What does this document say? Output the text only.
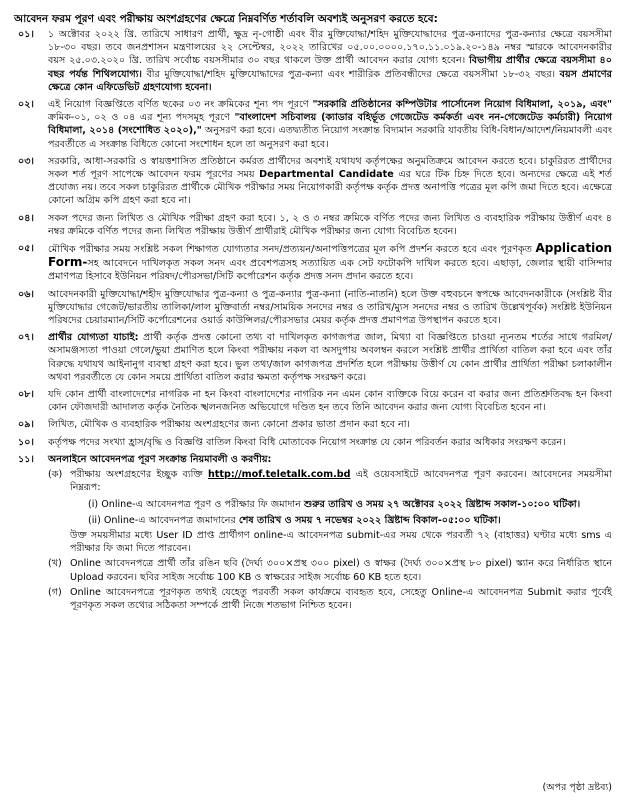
আবেদন ফরম পূরণ এবং পরীক্ষায় অংশগ্রহণের ক্ষেত্রে নিম্নবর্ণিত শর্তাবলি অবশ্যই অনুসরণ করতে হবে:
০১।	১ অক্টোবর ২০২২ খ্রি. তারিখে সাধারণ প্রার্থী, ক্ষুদ্র নৃ-গোষ্ঠী এবং বীর মুক্তিযোদ্ধা/শহিদ মুক্তিযোদ্ধাদের পুত্র-কন্যাদের পুত্র-কন্যার ক্ষেত্রে বয়সসীমা ১৮-৩০ বছর। তবে জনপ্রশাসন মন্ত্রণালয়ের ২২ সেপ্টেম্বর, ২০২২ তারিখের ০৫.০০.০০০০.১৭০.১১.০১৯.২০-১৪৯ নম্বর স্মারকে আবেদনকারীর বয়স ২৫.০৩.২০২০ খ্রি. তারিখ সর্বোচ্চ বয়সসীমার ৩০ বছর থাকলে উক্ত প্রার্থী আবেদন করার যোগ্য হবেন। বিভাগীয় প্রার্থীর ক্ষেত্রে বয়সসীমা ৪০ বছর পর্যন্ত শিথিলযোগ্য। বীর মুক্তিযোদ্ধা/শহিদ মুক্তিযোদ্ধাদের পুত্র-কন্যা এবং শারীরিক প্রতিবন্ধীদের ক্ষেত্রে বয়সসীমা ১৮-৩২ বছর। বয়স প্রমাণের ক্ষেত্রে কোন এফিডেভিট গ্রহণযোগ্য হবেনা।
০২।	এই নিয়োগ বিজ্ঞপ্তিতে বর্ণিত ছকের ০৩ নং ক্রমিকের শূন্য পদ পূরণে "সরকারি প্রতিষ্ঠানের কম্পিউটার পার্সোনেল নিয়োগ বিধিমালা, ২০১৯, এবং" ক্রমিক-০১, ০২ ও ০৪ এর শূন্য পদসমূহ পূরণে "বাংলাদেশ সচিবালয় (ক্যাডার বহির্ভূত গেজেটেড কর্মকর্তা এবং নন-গেজেটেড কর্মচারী) নিয়োগ বিধিমালা, ২০১৪ (সংশোধিত ২০২০)," অনুসরণ করা হবে। এতদ্ব্যতীত নিয়োগ সংক্রান্ত বিদ্যমান সরকারি যাবতীয় বিধি-বিধান/আদেশ/নিয়মাবলী এবং পরবর্তীতে এ সংক্রান্ত বিধিতে কোনো সংশোধন হলে তা অনুসরণ করা হবে।
০৩।	সরকারি, আধা-সরকারি ও স্বায়ত্তশাসিত প্রতিষ্ঠানে কর্মরত প্রার্থীদের অবশ্যই যথাযথ কর্তৃপক্ষের অনুমতিক্রমে আবেদন করতে হবে। চাকুরিরত প্রার্থীদের সকল শর্ত পূরণ সাপেক্ষে আবেদন ফরম পূরণের সময় Departmental Candidate এর ঘরে টিক চিহ্ন দিতে হবে। অন্যদের ক্ষেত্রে এই শর্ত প্রযোজ্য নয়। তবে সকল চাকুরিরত প্রার্থীকে মৌখিক পরীক্ষার সময় নিয়োগকারী কর্তৃপক্ষ কর্তৃক প্রদত্ত অনাপত্তি পত্রের মূল কপি জমা দিতে হবে। এক্ষেত্রে কোনো অগ্রিম কপি গ্রহণ করা হবে না।
০৪।	সকল পদের জন্য লিখিত ও মৌখিক পরীক্ষা গ্রহণ করা হবে। ১, ২ ও ৩ নম্বর ক্রমিকে বর্ণিত পদের জন্য লিখিত ও ব্যবহারিক পরীক্ষায় উত্তীর্ণ এবং ৪ নম্বর ক্রমিকে বর্ণিত পদের জন্য লিখিত পরীক্ষায় উত্তীর্ণ প্রার্থীরাই মৌখিক পরীক্ষার জন্য যোগ্য বিবেচিত হবেন।
০৫।	মৌখিক পরীক্ষার সময় সংশ্লিষ্ট সকল শিক্ষাগত যোগ্যতার সনদ/প্রত্যয়ন/অনাপত্তিপত্রের মূল কপি প্রদর্শন করতে হবে এবং পূরণকৃত Application Form-সহ আবেদনে দাখিলকৃত সকল সনদ এবং প্রবেশপত্রসহ সত্যায়িত এক সেট ফটোকপি দাখিল করতে হবে। এছাড়া, জেলার স্থায়ী বাসিন্দার প্রমাণপত্র হিসাবে ইউনিয়ন পরিষদ/পৌরসভা/সিটি কর্পোরেশন কর্তৃক প্রদত্ত সনদ প্রদান করতে হবে।
০৬।	আবেদনকারী মুক্তিযোদ্ধা/শহীদ মুক্তিযোদ্ধার পুত্র-কন্যা ও পুত্র-কন্যার পুত্র-কন্যা (নাতি-নাতনি) হলে উক্ত বহুবচনে স্বপক্ষে আবেদনকারীকে (সংশ্লিষ্ট বীর মুক্তিযোদ্ধার গেজেট/ভারতীয় তালিকা/লাল মুক্তিবার্তা নম্বর/সাময়িক সনদের নম্বর ও তারিখ/ম্যুস সনদের নম্বর ও তারিখ উল্লেখপূর্বক) সংশ্লিষ্ট ইউনিয়ন পরিষদের চেয়ারম্যান/সিটি কর্পোরেশনের ওয়ার্ড কাউন্সিলর/পৌরসভার মেয়র কর্তৃক প্রদত্ত প্রমাণপত্র উপস্থাপন করতে হবে।
০৭।	প্রার্থীর যোগ্যতা যাচাই: প্রার্থী কর্তৃক প্রদত্ত কোনো তথ্য বা দাখিলকৃত কাগজপত্র জাল, মিথ্যা বা বিজ্ঞপ্তিতে চাওয়া ন্যূনতম শর্তের সাথে গরমিল/অসামঞ্জস্যতা পাওয়া গেলে/ভুয়া প্রমাণিত হলে কিংবা পরীক্ষায় নকল বা অসদুপায় অবলম্বন করলে সংশ্লিষ্ট প্রার্থীর প্রার্থিতা বাতিল করা হবে এবং তাঁর বিরুদ্ধে যথাযথ আইনানুগ ব্যবস্থা গ্রহণ করা হবে। ভুল তথ্য/জাল কাগজপত্র প্রদর্শিত হলে পরীক্ষায় উত্তীর্ণ যে কোন প্রার্থীর প্রার্থিতা পরীক্ষা চলাকালীন অথবা পরবর্তীতে যে কোন সময়ে প্রার্থিতা বাতিল করার ক্ষমতা কর্তৃপক্ষ সংরক্ষণ করে।
০৮।	যদি কোন প্রার্থী বাংলাদেশের নাগরিক না হন কিংবা বাংলাদেশের নাগরিক নন এমন কোন ব্যক্তিকে বিয়ে করেন বা করার জন্য প্রতিশ্রুতিবদ্ধ হন কিংবা কোন ফৌজদারী আদালত কর্তৃক নৈতিক স্খলনজনিত অভিযোগে দণ্ডিত হন তবে তিনি আবেদন করার জন্য যোগ্য বিবেচিত হবেন না।
০৯।	লিখিত, মৌখিক ও ব্যবহারিক পরীক্ষায় অংশগ্রহণের জন্য কোনো প্রকার ভাতা প্রদান করা হবে না।
১০।	কর্তৃপক্ষ পদের সংখ্যা হ্রাস/বৃদ্ধি ও বিজ্ঞপ্তি বাতিল কিংবা বিধি মোতাবেক নিয়োগ সংক্রান্ত যে কোন পরিবর্তন করার অধিকার সংরক্ষণ করেন।
১১।	অনলাইনে আবেদনপত্র পূরণ সংক্রান্ত নিয়মাবলী ও করণীয়:
(ক) পরীক্ষায় অংশগ্রহণের ইচ্ছুক ব্যক্তি http://mof.teletalk.com.bd এই ওয়েবসাইটে আবেদনপত্র পূরণ করবেন। আবেদনের সময়সীমা নিম্নরূপ:
(i) Online-এ আবেদনপত্র পূরণ ও পরীক্ষার ফি জমাদান শুরুর তারিখ ও সময় ২৭ অক্টোবর ২০২২ খ্রিষ্টাব্দ সকাল-১০:০০ ঘটিকা।
(ii) Online-এ আবেদনপত্র জমাদানের শেষ তারিখ ও সময় ৭ নভেম্বর ২০২২ খ্রিষ্টাব্দ বিকাল-০৫:০০ ঘটিকা।
উক্ত সময়সীমার মধ্যে User ID প্রাপ্ত প্রার্থীগণ online-এ আবেদনপত্র submit-এর সময় থেকে পরবর্তী ৭২ (বাহাত্তর) ঘণ্টার মধ্যে sms এ পরীক্ষার ফি জমা দিতে পারবেন।
(খ) Online আবেদনপত্রে প্রার্থী তাঁর রঙিন ছবি (দৈর্ঘ্য ৩০০×প্রস্থ ৩০০ pixel) ও স্বাক্ষর (দৈর্ঘ্য ৩০০×প্রস্থ ৮০ pixel) স্ক্যান করে নির্ধারিত স্থানে Upload করবেন। ছবির সাইজ সর্বোচ্চ 100 KB ও স্বাক্ষরের সাইজ সর্বোচ্চ 60 KB হতে হবে।
(গ) Online আবেদনপত্রে পূরণকৃত তথ্যই যেহেতু পরবর্তী সকল কার্যক্রমে ব্যবহৃত হবে, সেহেতু Online-এ আবেদনপত্র Submit করার পূর্বেই পূরণকৃত সকল তথ্যের সঠিকতা সম্পর্কে প্রার্থী নিজে শতভাগ নিশ্চিত হবেন।
(অপর পৃষ্ঠা দ্রষ্টব্য)
